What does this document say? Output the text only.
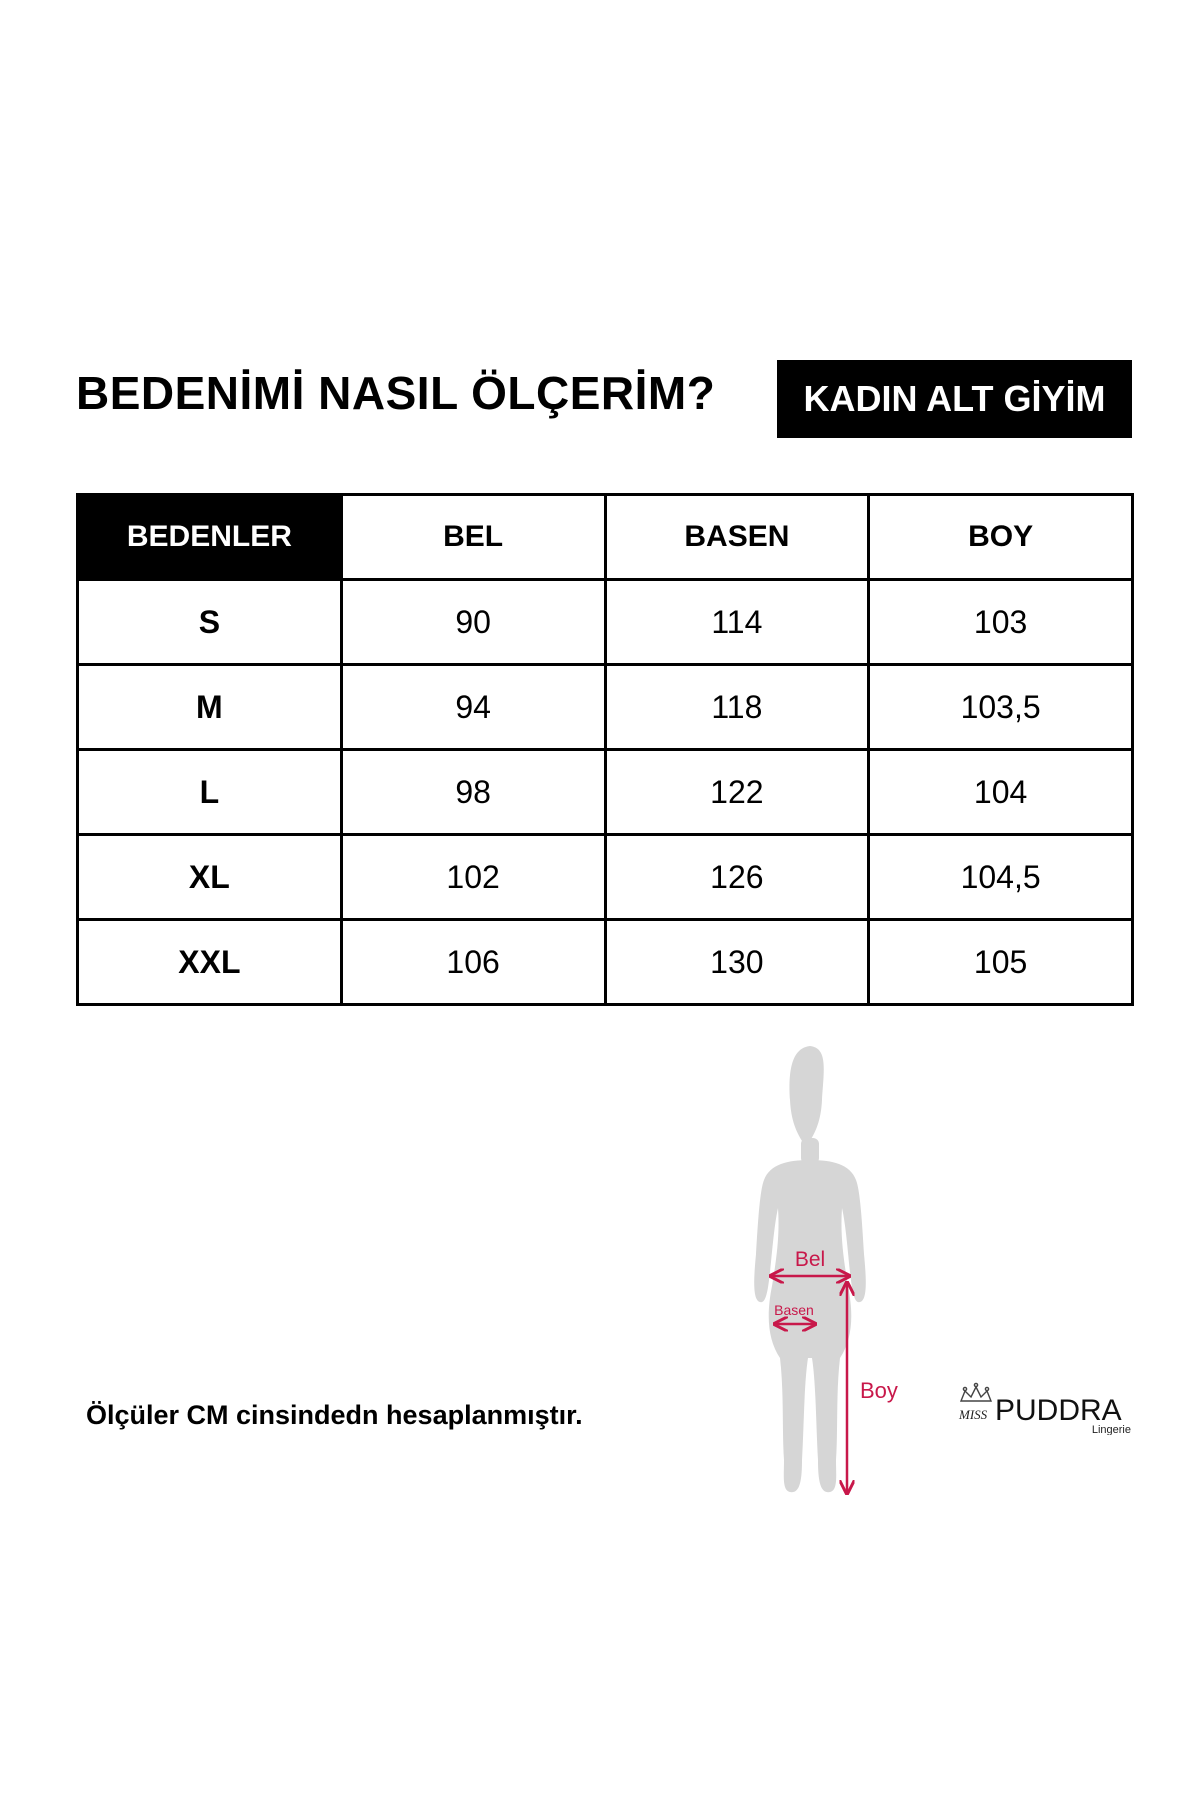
BEDENİMİ NASIL ÖLÇERİM?	KADIN ALT GİYİM
BEDENLER	BEL	BASEN	BOY
S	90	114	103
M	94	118	103,5
L	98	122	104
XL	102	126	104,5
XXL	106	130	105
Bel
Basen
Boy
Ölçüler CM cinsindedn hesaplanmıştır.	MISS PUDDRA
Lingerie
